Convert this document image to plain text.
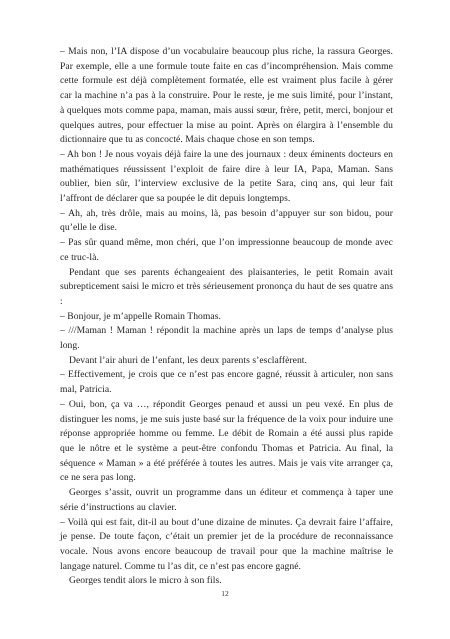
– Mais non, l’IA dispose d’un vocabulaire beaucoup plus riche, la rassura Georges. Par exemple, elle a une formule toute faite en cas d’incompréhension. Mais comme cette formule est déjà complètement formatée, elle est vraiment plus facile à gérer car la machine n’a pas à la construire. Pour le reste, je me suis limité, pour l’instant, à quelques mots comme papa, maman, mais aussi sœur, frère, petit, merci, bonjour et quelques autres, pour effectuer la mise au point. Après on élargira à l’ensemble du dictionnaire que tu as concocté. Mais chaque chose en son temps.

– Ah bon ! Je nous voyais déjà faire la une des journaux : deux éminents docteurs en mathématiques réussissent l’exploit de faire dire à leur IA, Papa, Maman. Sans oublier, bien sûr, l’interview exclusive de la petite Sara, cinq ans, qui leur fait l’affront de déclarer que sa poupée le dit depuis longtemps.

– Ah, ah, très drôle, mais au moins, là, pas besoin d’appuyer sur son bidou, pour qu’elle le dise.

– Pas sûr quand même, mon chéri, que l’on impressionne beaucoup de monde avec ce truc-là.

Pendant que ses parents échangeaient des plaisanteries, le petit Romain avait subrepticement saisi le micro et très sérieusement prononça du haut de ses quatre ans :

– Bonjour, je m’appelle Romain Thomas.

– ///Maman ! Maman ! répondit la machine après un laps de temps d’analyse plus long.

Devant l’air ahuri de l’enfant, les deux parents s’esclaffèrent.

– Effectivement, je crois que ce n’est pas encore gagné, réussit à articuler, non sans mal, Patricia.

– Oui, bon, ça va …, répondit Georges penaud et aussi un peu vexé. En plus de distinguer les noms, je me suis juste basé sur la fréquence de la voix pour induire une réponse appropriée homme ou femme. Le débit de Romain a été aussi plus rapide que le nôtre et le système a peut-être confondu Thomas et Patricia. Au final, la séquence « Maman » a été préférée à toutes les autres. Mais je vais vite arranger ça, ce ne sera pas long.

Georges s’assit, ouvrit un programme dans un éditeur et commença à taper une série d’instructions au clavier.

– Voilà qui est fait, dit-il au bout d’une dizaine de minutes. Ça devrait faire l’affaire, je pense. De toute façon, c’était un premier jet de la procédure de reconnaissance vocale. Nous avons encore beaucoup de travail pour que la machine maîtrise le langage naturel. Comme tu l’as dit, ce n’est pas encore gagné.

Georges tendit alors le micro à son fils.

12
